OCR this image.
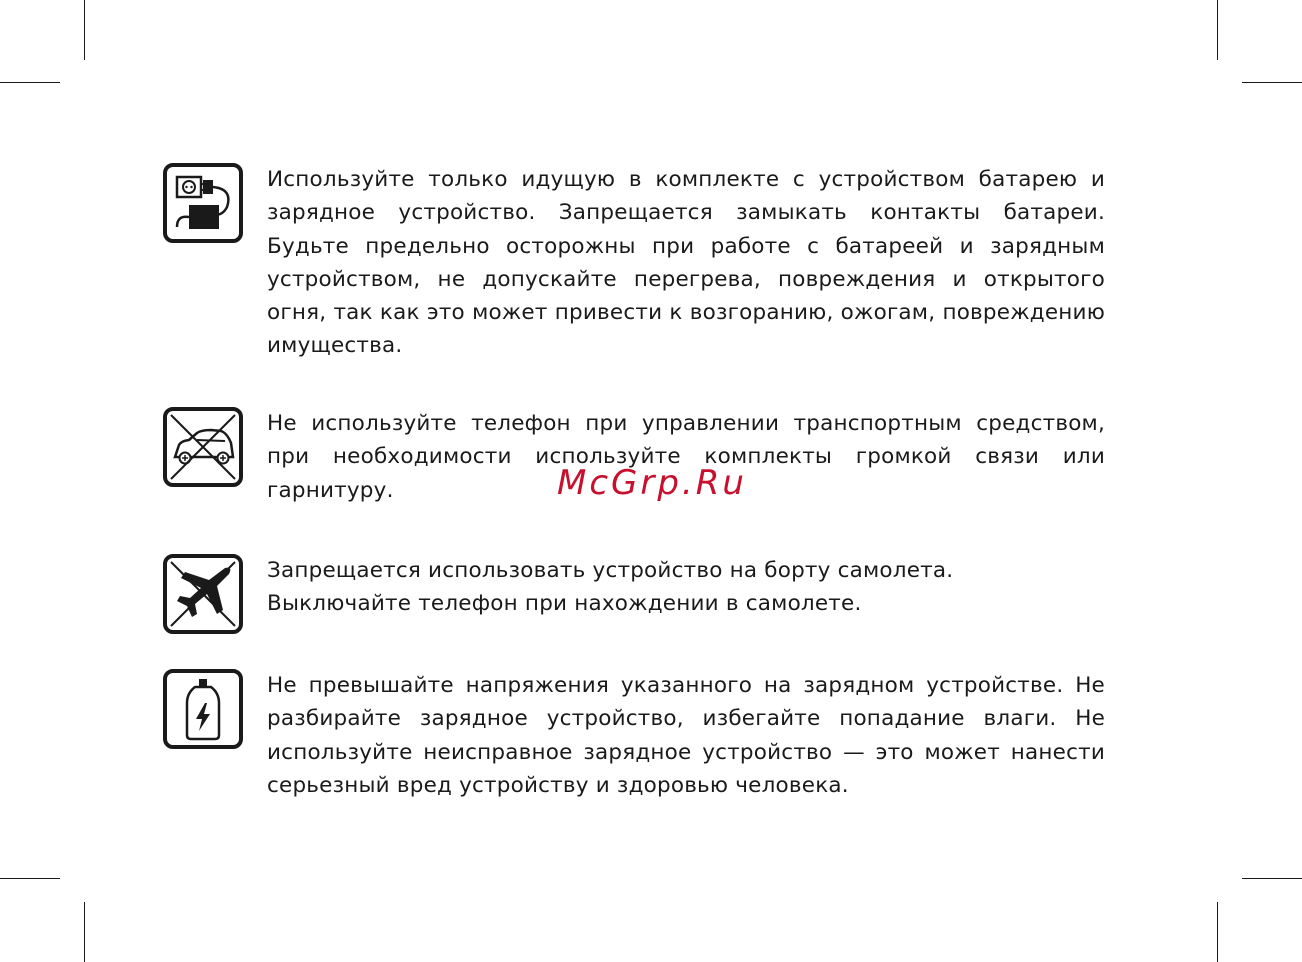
Используйте только идущую в комплекте с устройством батарею и зарядное устройство. Запрещается замыкать контакты батареи. Будьте предельно осторожны при работе с батареей и зарядным устройством, не допускайте перегрева, повреждения и открытого огня, так как это может привести к возгоранию, ожогам, повреждению имущества.

Не используйте телефон при управлении транспортным средством, при необходимости используйте комплекты громкой связи или гарнитуру.

Запрещается использовать устройство на борту самолета.
Выключайте телефон при нахождении в самолете.

Не превышайте напряжения указанного на зарядном устройстве. Не разбирайте зарядное устройство, избегайте попадание влаги. Не используйте неисправное зарядное устройство — это может нанести серьезный вред устройству и здоровью человека.

McGrp.Ru
